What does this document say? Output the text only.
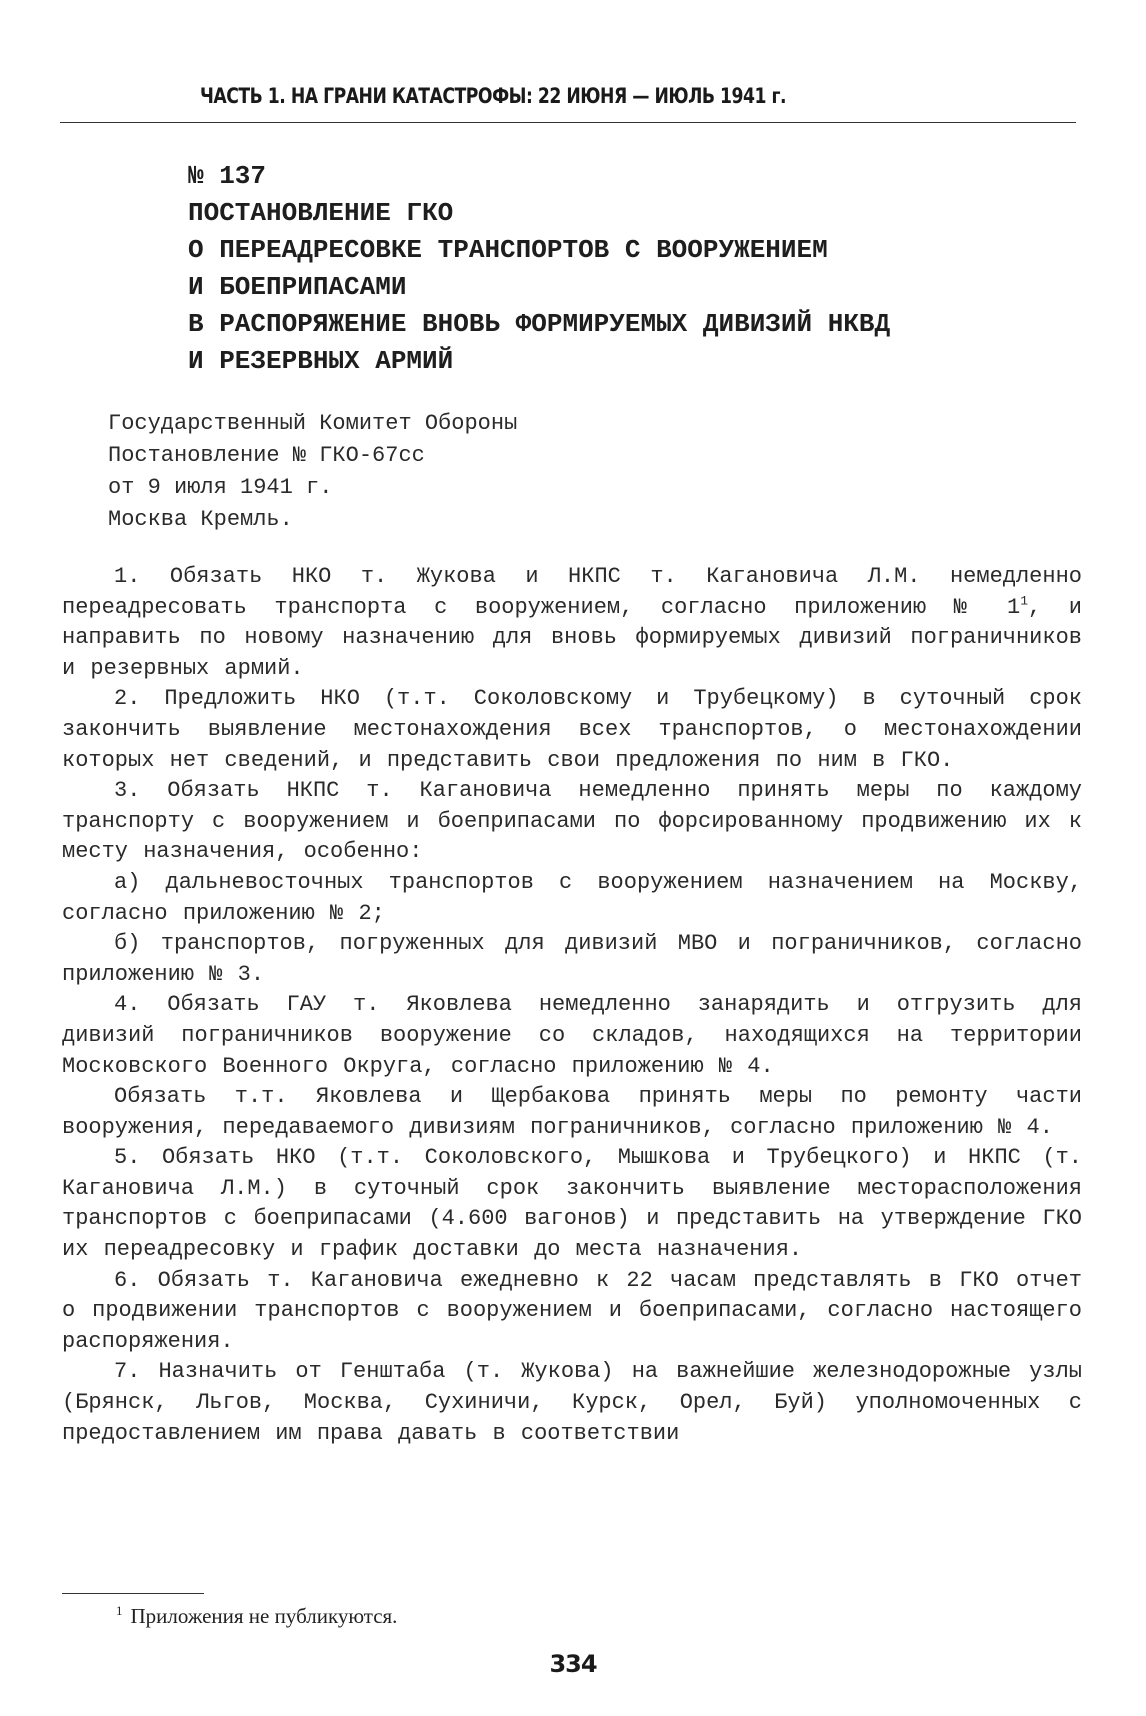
ЧАСТЬ 1. НА ГРАНИ КАТАСТРОФЫ: 22 ИЮНЯ — ИЮЛЬ 1941 г.
№ 137
ПОСТАНОВЛЕНИЕ ГКО
О ПЕРЕАДРЕСОВКЕ ТРАНСПОРТОВ С ВООРУЖЕНИЕМ
И БОЕПРИПАСАМИ
В РАСПОРЯЖЕНИЕ ВНОВЬ ФОРМИРУЕМЫХ ДИВИЗИЙ НКВД
И РЕЗЕРВНЫХ АРМИЙ
Государственный Комитет Обороны
Постановление № ГКО-67сс
от 9 июля 1941 г.
Москва Кремль.

1. Обязать НКО т. Жукова и НКПС т. Кагановича Л.М. немедленно переадресовать транспорта с вооружением, согласно приложению № $1^1$, и направить по новому назначению для вновь формируемых дивизий пограничников и резервных армий.

2. Предложить НКО (т.т. Соколовскому и Трубецкому) в суточный срок закончить выявление местонахождения всех транспортов, о местонахождении которых нет сведений, и представить свои предложения по ним в ГКО.

3. Обязать НКПС т. Кагановича немедленно принять меры по каждому транспорту с вооружением и боеприпасами по форсированному продвижению их к месту назначения, особенно:

а) дальневосточных транспортов с вооружением назначением на Москву, согласно приложению № 2;

б) транспортов, погруженных для дивизий МВО и пограничников, согласно приложению № 3.

4. Обязать ГАУ т. Яковлева немедленно занарядить и отгрузить для дивизий пограничников вооружение со складов, находящихся на территории Московского Военного Округа, согласно приложению № 4.

Обязать т.т. Яковлева и Щербакова принять меры по ремонту части вооружения, передаваемого дивизиям пограничников, согласно приложению № 4.

5. Обязать НКО (т.т. Соколовского, Мышкова и Трубецкого) и НКПС (т. Кагановича Л.М.) в суточный срок закончить выявление месторасположения транспортов с боеприпасами (4.600 вагонов) и представить на утверждение ГКО их переадресовку и график доставки до места назначения.

6. Обязать т. Кагановича ежедневно к 22 часам представлять в ГКО отчет о продвижении транспортов с вооружением и боеприпасами, согласно настоящего распоряжения.

7. Назначить от Генштаба (т. Жукова) на важнейшие железнодорожные узлы (Брянск, Льгов, Москва, Сухиничи, Курск, Орел, Буй) уполномоченных с предоставлением им права давать в соответствии

$^1$ Приложения не публикуются.
334
